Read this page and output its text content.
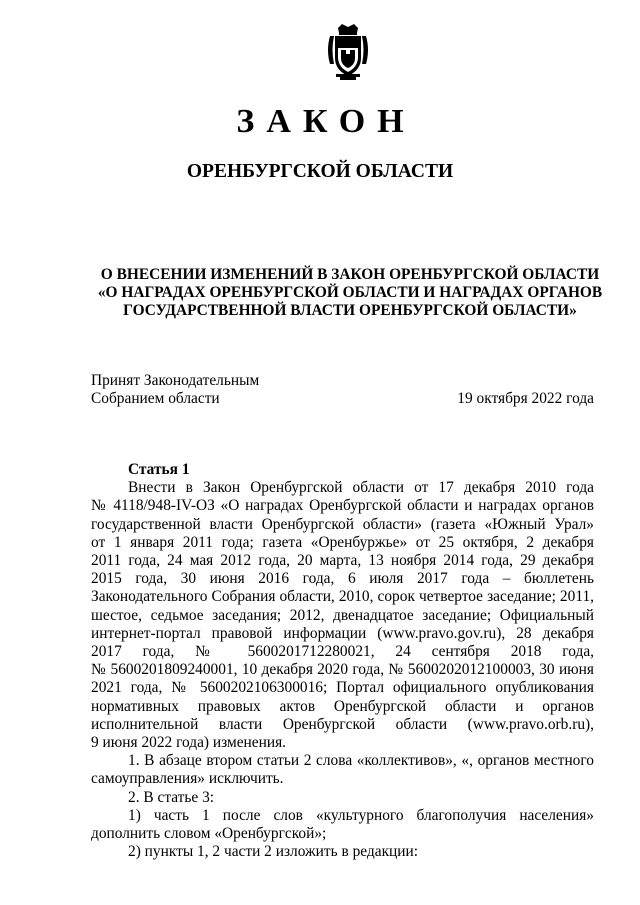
ЗАКОН
ОРЕНБУРГСКОЙ ОБЛАСТИ
О ВНЕСЕНИИ ИЗМЕНЕНИЙ В ЗАКОН ОРЕНБУРГСКОЙ ОБЛАСТИ
«О НАГРАДАХ ОРЕНБУРГСКОЙ ОБЛАСТИ И НАГРАДАХ ОРГАНОВ
ГОСУДАРСТВЕННОЙ ВЛАСТИ ОРЕНБУРГСКОЙ ОБЛАСТИ»
Принят Законодательным
Собранием области	19 октября 2022 года
Статья 1
Внести в Закон Оренбургской области от 17 декабря 2010 года
№ 4118/948-IV-ОЗ «О наградах Оренбургской области и наградах органов
государственной власти Оренбургской области» (газета «Южный Урал»
от 1 января 2011 года; газета «Оренбуржье» от 25 октября, 2 декабря
2011 года, 24 мая 2012 года, 20 марта, 13 ноября 2014 года, 29 декабря
2015 года, 30 июня 2016 года, 6 июля 2017 года – бюллетень
Законодательного Собрания области, 2010, сорок четвертое заседание; 2011,
шестое, седьмое заседания; 2012, двенадцатое заседание; Официальный
интернет-портал правовой информации (www.pravo.gov.ru), 28 декабря
2017 года, № 5600201712280021, 24 сентября 2018 года,
№ 5600201809240001, 10 декабря 2020 года, № 5600202012100003, 30 июня
2021 года, № 5600202106300016; Портал официального опубликования
нормативных правовых актов Оренбургской области и органов
исполнительной власти Оренбургской области (www.pravo.orb.ru),
9 июня 2022 года) изменения.
1. В абзаце втором статьи 2 слова «коллективов», «, органов местного самоуправления» исключить.
2. В статье 3:
1) часть 1 после слов «культурного благополучия населения» дополнить словом «Оренбургской»;
2) пункты 1, 2 части 2 изложить в редакции:
